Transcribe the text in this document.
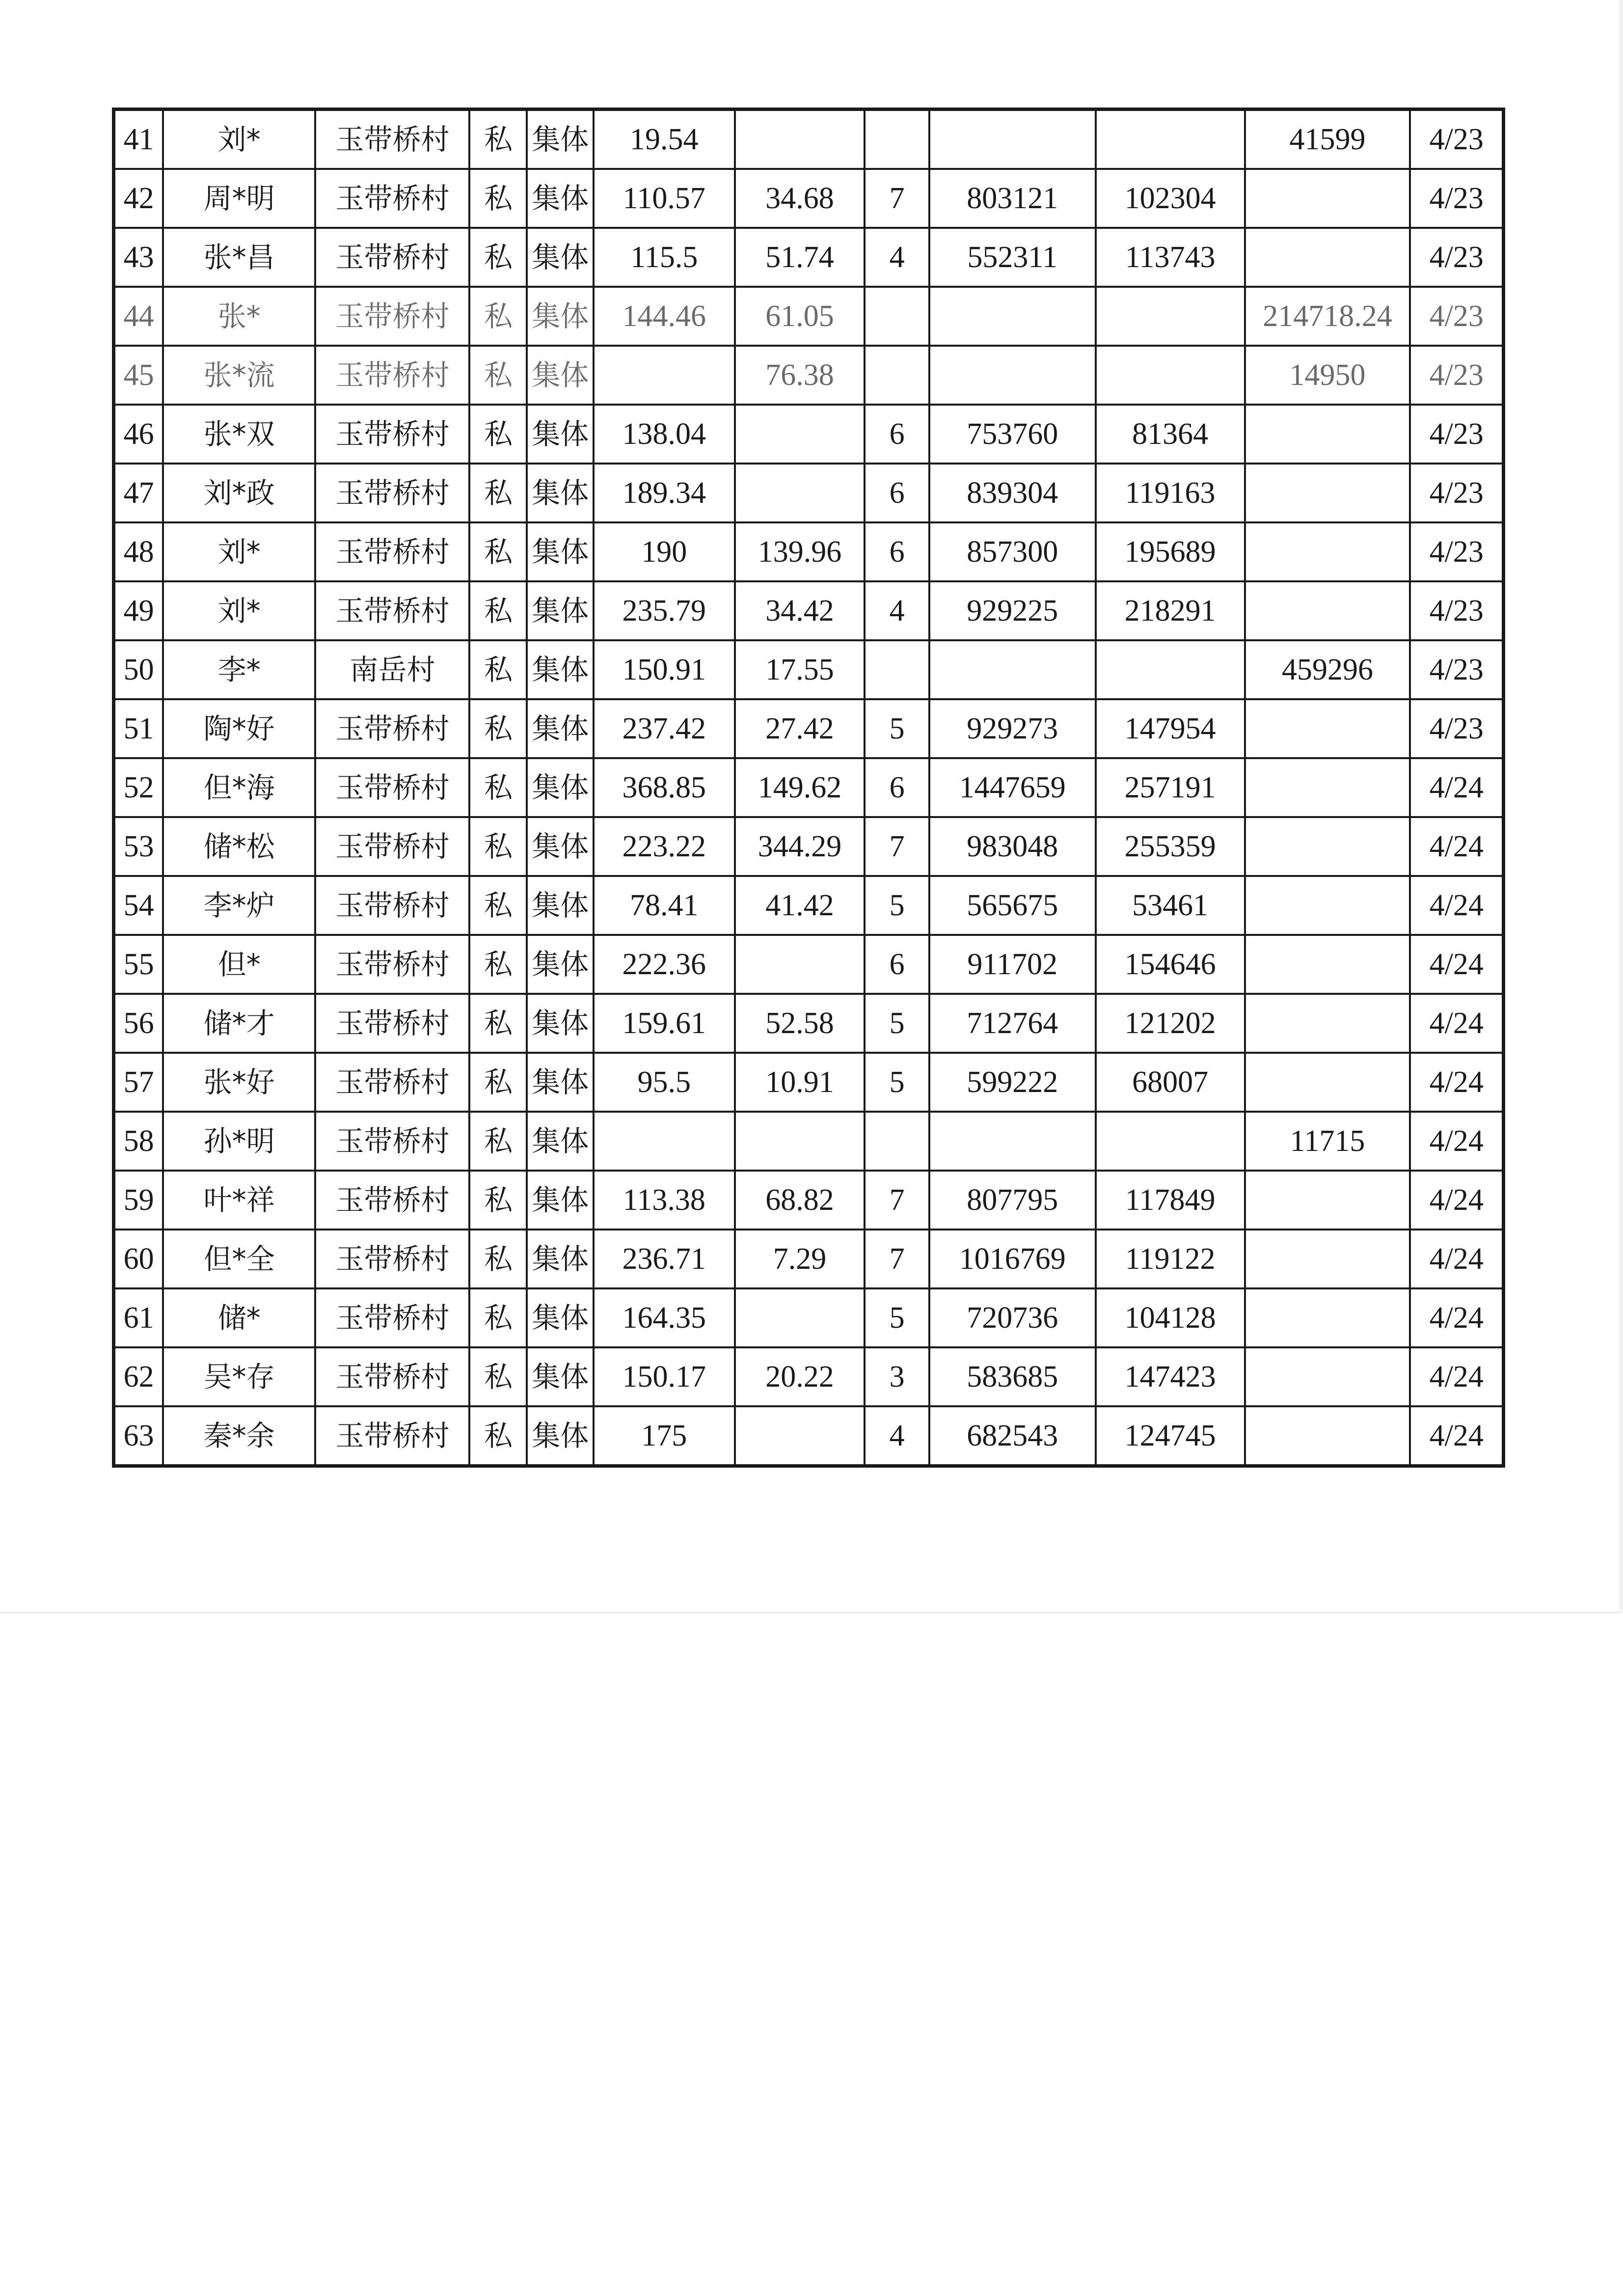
41	刘*	玉带桥村	私	集体	19.54					41599	4/23
42	周*明	玉带桥村	私	集体	110.57	34.68	7	803121	102304		4/23
43	张*昌	玉带桥村	私	集体	115.5	51.74	4	552311	113743		4/23
44	张*	玉带桥村	私	集体	144.46	61.05				214718.24	4/23
45	张*流	玉带桥村	私	集体		76.38				14950	4/23
46	张*双	玉带桥村	私	集体	138.04		6	753760	81364		4/23
47	刘*政	玉带桥村	私	集体	189.34		6	839304	119163		4/23
48	刘*	玉带桥村	私	集体	190	139.96	6	857300	195689		4/23
49	刘*	玉带桥村	私	集体	235.79	34.42	4	929225	218291		4/23
50	李*	南岳村	私	集体	150.91	17.55				459296	4/23
51	陶*好	玉带桥村	私	集体	237.42	27.42	5	929273	147954		4/23
52	但*海	玉带桥村	私	集体	368.85	149.62	6	1447659	257191		4/24
53	储*松	玉带桥村	私	集体	223.22	344.29	7	983048	255359		4/24
54	李*炉	玉带桥村	私	集体	78.41	41.42	5	565675	53461		4/24
55	但*	玉带桥村	私	集体	222.36		6	911702	154646		4/24
56	储*才	玉带桥村	私	集体	159.61	52.58	5	712764	121202		4/24
57	张*好	玉带桥村	私	集体	95.5	10.91	5	599222	68007		4/24
58	孙*明	玉带桥村	私	集体						11715	4/24
59	叶*祥	玉带桥村	私	集体	113.38	68.82	7	807795	117849		4/24
60	但*全	玉带桥村	私	集体	236.71	7.29	7	1016769	119122		4/24
61	储*	玉带桥村	私	集体	164.35		5	720736	104128		4/24
62	吴*存	玉带桥村	私	集体	150.17	20.22	3	583685	147423		4/24
63	秦*余	玉带桥村	私	集体	175		4	682543	124745		4/24
